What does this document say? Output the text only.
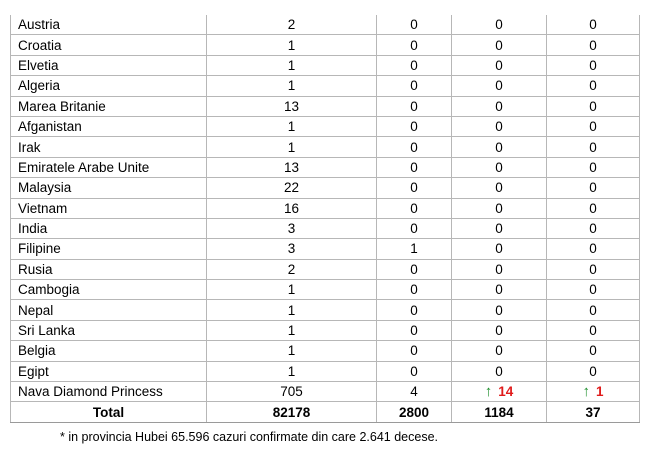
Austria	2	0	0	0
Croatia	1	0	0	0
Elvetia	1	0	0	0
Algeria	1	0	0	0
Marea Britanie	13	0	0	0
Afganistan	1	0	0	0
Irak	1	0	0	0
Emiratele Arabe Unite	13	0	0	0
Malaysia	22	0	0	0
Vietnam	16	0	0	0
India	3	0	0	0
Filipine	3	1	0	0
Rusia	2	0	0	0
Cambogia	1	0	0	0
Nepal	1	0	0	0
Sri Lanka	1	0	0	0
Belgia	1	0	0	0
Egipt	1	0	0	0
Nava Diamond Princess	705	4	↑ 14	↑ 1
Total	82178	2800	1184	37
* in provincia Hubei 65.596 cazuri confirmate din care 2.641 decese.
